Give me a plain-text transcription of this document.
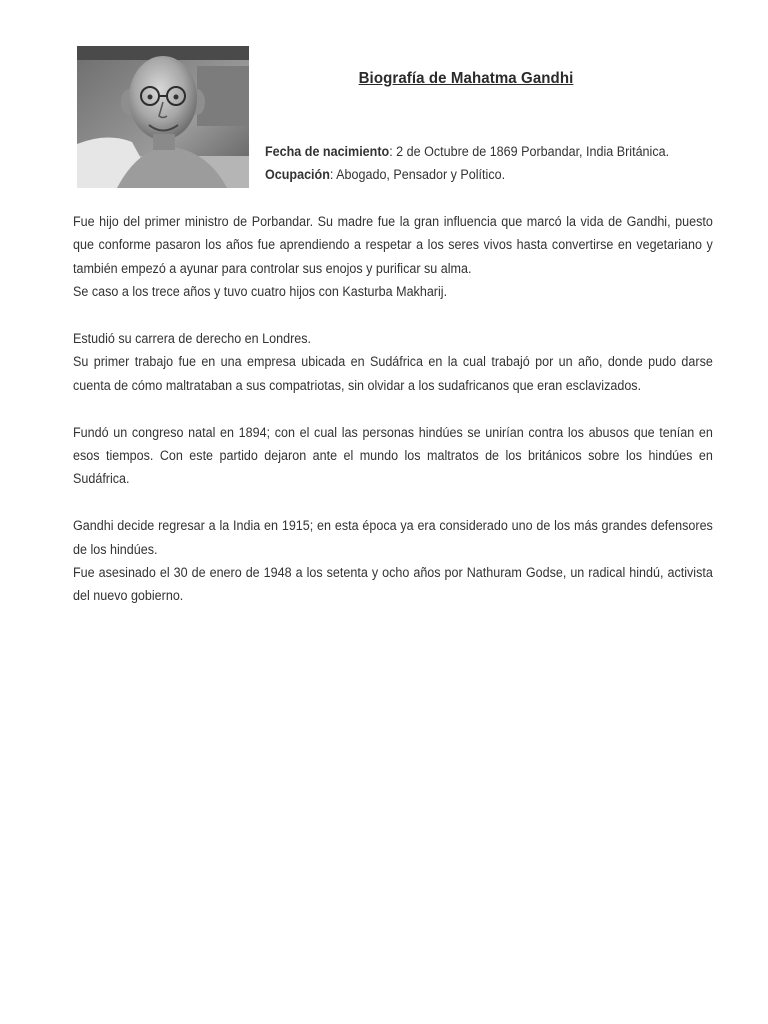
Biografía de Mahatma Gandhi
Fecha de nacimiento: 2 de Octubre de 1869 Porbandar, India Británica.
Ocupación: Abogado, Pensador y Político.

Fue hijo del primer ministro de Porbandar. Su madre fue la gran influencia que marcó la vida de Gandhi, puesto que conforme pasaron los años fue aprendiendo a respetar a los seres vivos hasta convertirse en vegetariano y también empezó a ayunar para controlar sus enojos y purificar su alma.

Se caso a los trece años y tuvo cuatro hijos con Kasturba Makharij.

Estudió su carrera de derecho en Londres.

Su primer trabajo fue en una empresa ubicada en Sudáfrica en la cual trabajó por un año, donde pudo darse cuenta de cómo maltrataban a sus compatriotas, sin olvidar a los sudafricanos que eran esclavizados.

Fundó un congreso natal en 1894; con el cual las personas hindúes se unirían contra los abusos que tenían en esos tiempos. Con este partido dejaron ante el mundo los maltratos de los británicos sobre los hindúes en Sudáfrica.

Gandhi decide regresar a la India en 1915; en esta época ya era considerado uno de los más grandes defensores de los hindúes.

Fue asesinado el 30 de enero de 1948 a los setenta y ocho años por Nathuram Godse, un radical hindú, activista del nuevo gobierno.
